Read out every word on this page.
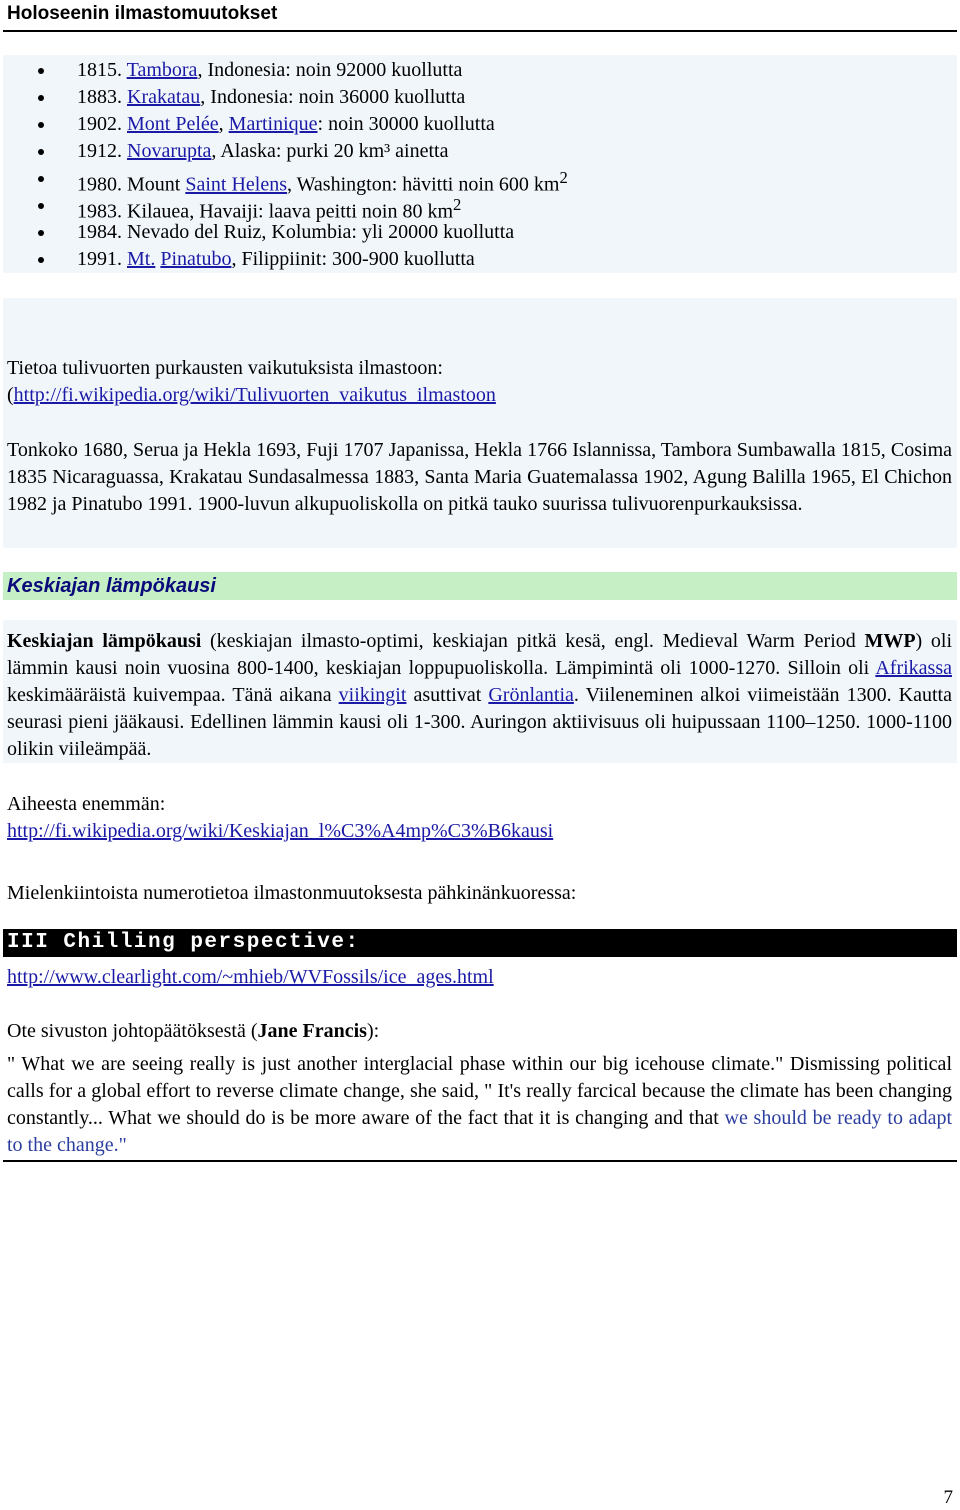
Holoseenin ilmastomuutokset
1815. Tambora, Indonesia: noin 92000 kuollutta
1883. Krakatau, Indonesia: noin 36000 kuollutta
1902. Mont Pelée, Martinique: noin 30000 kuollutta
1912. Novarupta, Alaska: purki 20 km³ ainetta
1980. Mount Saint Helens, Washington: hävitti noin 600 $km^2$
1983. Kilauea, Havaiji: laava peitti noin 80 $km^2$
1984. Nevado del Ruiz, Kolumbia: yli 20000 kuollutta
1991. Mt. Pinatubo, Filippiinit: 300-900 kuollutta
Tietoa tulivuorten purkausten vaikutuksista ilmastoon:
(http://fi.wikipedia.org/wiki/Tulivuorten_vaikutus_ilmastoon
Tonkoko 1680, Serua ja Hekla 1693, Fuji 1707 Japanissa, Hekla 1766 Islannissa, Tambora Sumbawalla 1815, Cosima 1835 Nicaraguassa, Krakatau Sundasalmessa 1883, Santa Maria Guatemalassa 1902, Agung Balilla 1965, El Chichon 1982 ja Pinatubo 1991. 1900-luvun alkupuoliskolla on pitkä tauko suurissa tulivuorenpurkauksissa.
Keskiajan lämpökausi
Keskiajan lämpökausi (keskiajan ilmasto-optimi, keskiajan pitkä kesä, engl. Medieval Warm Period MWP) oli lämmin kausi noin vuosina 800-1400, keskiajan loppupuoliskolla. Lämpimintä oli 1000-1270. Silloin oli Afrikassa keskimääräistä kuivempaa. Tänä aikana viikingit asuttivat Grönlantia. Viileneminen alkoi viimeistään 1300. Kautta seurasi pieni jääkausi. Edellinen lämmin kausi oli 1-300. Auringon aktiivisuus oli huipussaan 1100–1250. 1000-1100 olikin viileämpää.
Aiheesta enemmän:
http://fi.wikipedia.org/wiki/Keskiajan_l%C3%A4mp%C3%B6kausi
Mielenkiintoista numerotietoa ilmastonmuutoksesta pähkinänkuoressa:
III Chilling perspective:
http://www.clearlight.com/~mhieb/WVFossils/ice_ages.html
Ote sivuston johtopäätöksestä (Jane Francis):
" What we are seeing really is just another interglacial phase within our big icehouse climate." Dismissing political calls for a global effort to reverse climate change, she said, " It's really farcical because the climate has been changing constantly... What we should do is be more aware of the fact that it is changing and that we should be ready to adapt to the change."
7
